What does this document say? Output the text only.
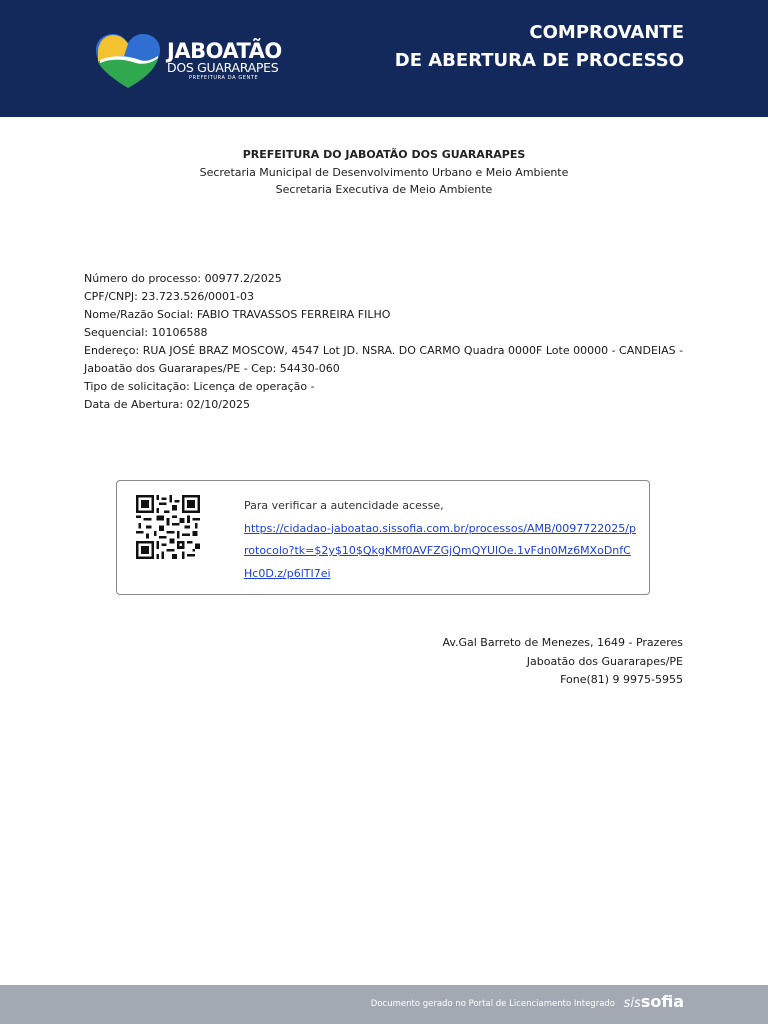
JABOATÃO
DOS GUARARAPES
PREFEITURA DA GENTE
COMPROVANTE
DE ABERTURA DE PROCESSO
PREFEITURA DO JABOATÃO DOS GUARARAPES
Secretaria Municipal de Desenvolvimento Urbano e Meio Ambiente
Secretaria Executiva de Meio Ambiente
Número do processo: 00977.2/2025
CPF/CNPJ: 23.723.526/0001-03
Nome/Razão Social: FABIO TRAVASSOS FERREIRA FILHO
Sequencial: 10106588
Endereço: RUA JOSÉ BRAZ MOSCOW, 4547 Lot JD. NSRA. DO CARMO Quadra 0000F Lote 00000 - CANDEIAS - Jaboatão dos Guararapes/PE - Cep: 54430-060
Tipo de solicitação: Licença de operação -
Data de Abertura: 02/10/2025
Para verificar a autencidade acesse,
https://cidadao-jaboatao.sissofia.com.br/processos/AMB/0097722025/protocolo?tk=$2y$10$QkgKMf0AVFZGjQmQYUlOe.1vFdn0Mz6MXoDnfCHc0D.z/p6lTI7ei
Av.Gal Barreto de Menezes, 1649 - Prazeres
Jaboatão dos Guararapes/PE
Fone(81) 9 9975-5955
Documento gerado no Portal de Licenciamento Integrado sissofia
